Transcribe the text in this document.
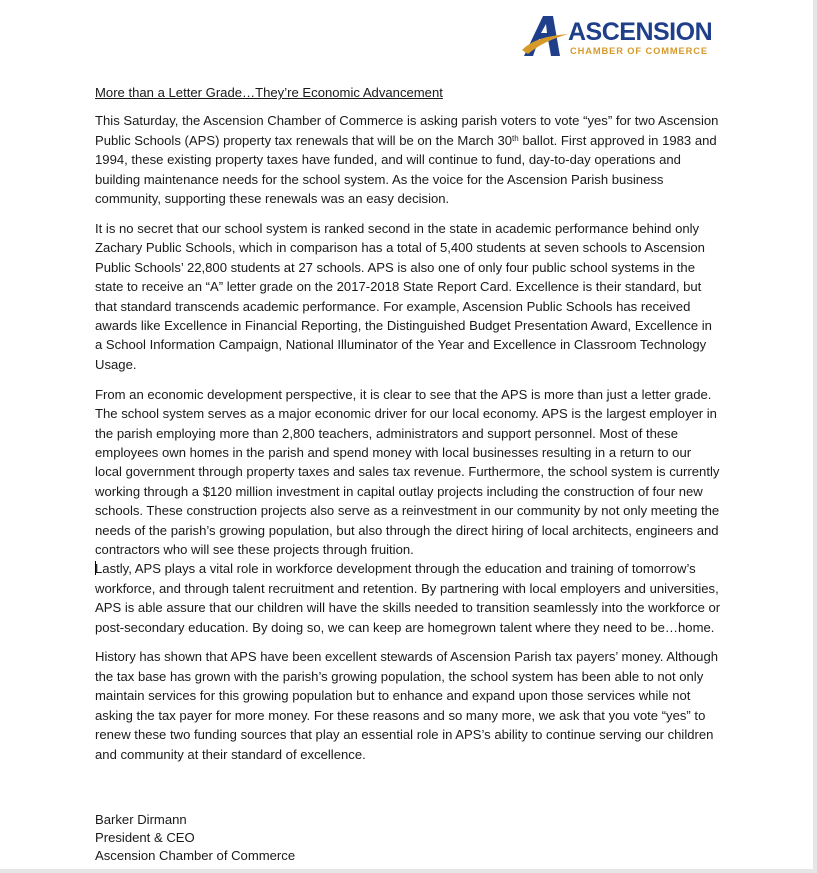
ASCENSION
CHAMBER OF COMMERCE
More than a Letter Grade…They’re Economic Advancement
This Saturday, the Ascension Chamber of Commerce is asking parish voters to vote “yes” for two Ascension Public Schools (APS) property tax renewals that will be on the March 30th ballot. First approved in 1983 and 1994, these existing property taxes have funded, and will continue to fund, day-to-day operations and building maintenance needs for the school system. As the voice for the Ascension Parish business community, supporting these renewals was an easy decision.
It is no secret that our school system is ranked second in the state in academic performance behind only Zachary Public Schools, which in comparison has a total of 5,400 students at seven schools to Ascension Public Schools’ 22,800 students at 27 schools. APS is also one of only four public school systems in the state to receive an “A” letter grade on the 2017-2018 State Report Card. Excellence is their standard, but that standard transcends academic performance. For example, Ascension Public Schools has received awards like Excellence in Financial Reporting, the Distinguished Budget Presentation Award, Excellence in a School Information Campaign, National Illuminator of the Year and Excellence in Classroom Technology Usage.
From an economic development perspective, it is clear to see that the APS is more than just a letter grade. The school system serves as a major economic driver for our local economy. APS is the largest employer in the parish employing more than 2,800 teachers, administrators and support personnel. Most of these employees own homes in the parish and spend money with local businesses resulting in a return to our local government through property taxes and sales tax revenue. Furthermore, the school system is currently working through a $120 million investment in capital outlay projects including the construction of four new schools. These construction projects also serve as a reinvestment in our community by not only meeting the needs of the parish’s growing population, but also through the direct hiring of local architects, engineers and contractors who will see these projects through fruition.
Lastly, APS plays a vital role in workforce development through the education and training of tomorrow’s workforce, and through talent recruitment and retention. By partnering with local employers and universities, APS is able assure that our children will have the skills needed to transition seamlessly into the workforce or post-secondary education. By doing so, we can keep are homegrown talent where they need to be…home.
History has shown that APS have been excellent stewards of Ascension Parish tax payers’ money. Although the tax base has grown with the parish’s growing population, the school system has been able to not only maintain services for this growing population but to enhance and expand upon those services while not asking the tax payer for more money. For these reasons and so many more, we ask that you vote “yes” to renew these two funding sources that play an essential role in APS’s ability to continue serving our children and community at their standard of excellence.
Barker Dirmann
President & CEO
Ascension Chamber of Commerce
